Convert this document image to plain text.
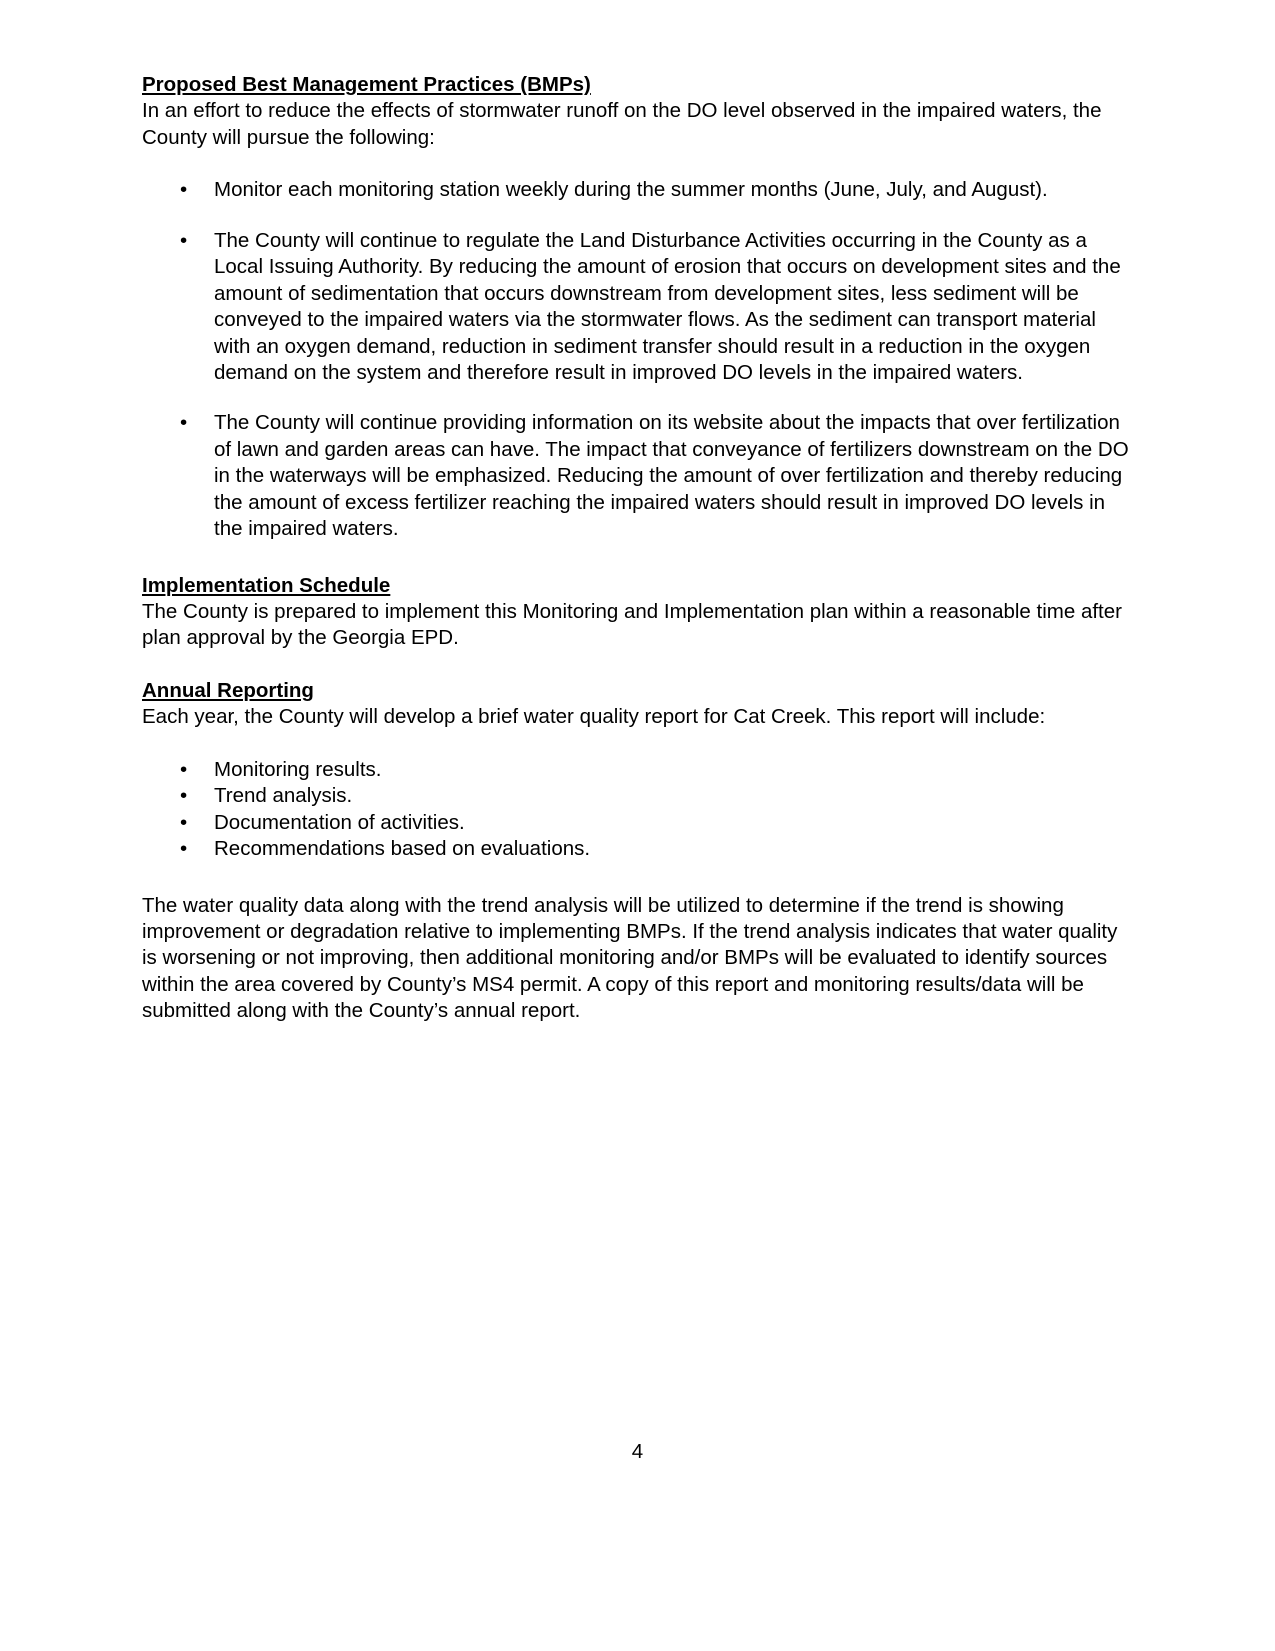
Proposed Best Management Practices (BMPs)

In an effort to reduce the effects of stormwater runoff on the DO level observed in the impaired waters, the County will pursue the following:

• Monitor each monitoring station weekly during the summer months (June, July, and August).
• The County will continue to regulate the Land Disturbance Activities occurring in the County as a Local Issuing Authority. By reducing the amount of erosion that occurs on development sites and the amount of sedimentation that occurs downstream from development sites, less sediment will be conveyed to the impaired waters via the stormwater flows. As the sediment can transport material with an oxygen demand, reduction in sediment transfer should result in a reduction in the oxygen demand on the system and therefore result in improved DO levels in the impaired waters.
• The County will continue providing information on its website about the impacts that over fertilization of lawn and garden areas can have. The impact that conveyance of fertilizers downstream on the DO in the waterways will be emphasized. Reducing the amount of over fertilization and thereby reducing the amount of excess fertilizer reaching the impaired waters should result in improved DO levels in the impaired waters.
Implementation Schedule

The County is prepared to implement this Monitoring and Implementation plan within a reasonable time after plan approval by the Georgia EPD.

Annual Reporting

Each year, the County will develop a brief water quality report for Cat Creek. This report will include:

• Monitoring results.
• Trend analysis.
• Documentation of activities.
• Recommendations based on evaluations.

The water quality data along with the trend analysis will be utilized to determine if the trend is showing improvement or degradation relative to implementing BMPs. If the trend analysis indicates that water quality is worsening or not improving, then additional monitoring and/or BMPs will be evaluated to identify sources within the area covered by County’s MS4 permit. A copy of this report and monitoring results/data will be submitted along with the County’s annual report.

4
